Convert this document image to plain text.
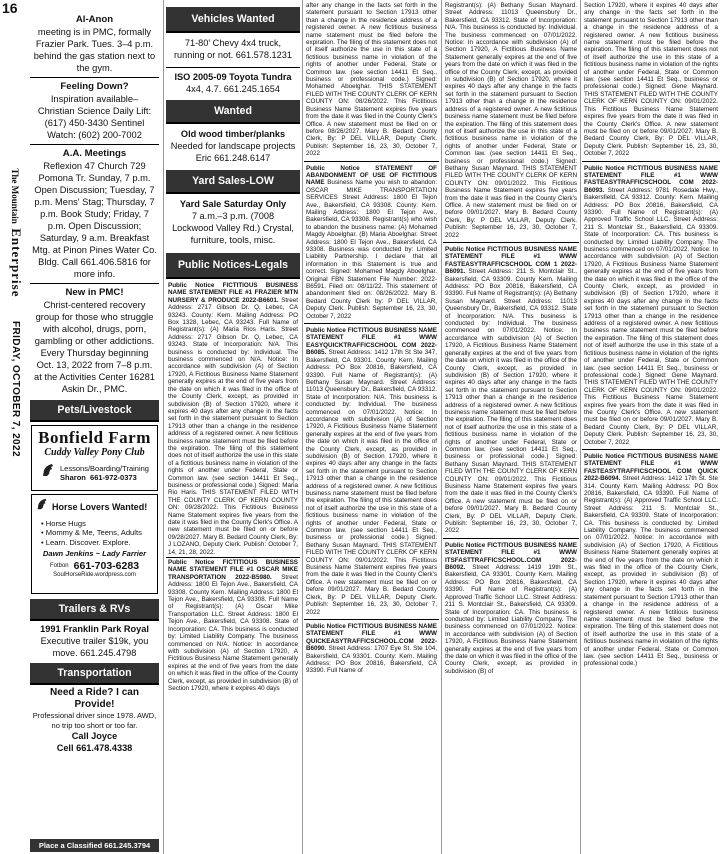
16
The Mountain Enterprise
FRIDAY, OCTOBER 7, 2022
Al-Anon
meeting is in PMC, formally Frazier Park. Tues. 3–4 p.m. behind the gas station next to the gym.
Feeling Down?
Inspiration available– Christian Science Daily Lift: (617) 450-3430 Sentinel Watch: (602) 200-7002
A.A. Meetings
Reflexion 47 Church 729 Pomona Tr. Sunday, 7 p.m. Open Discussion; Tuesday, 7 p.m. Mens' Stag; Thursday, 7 p.m. Book Study; Friday, 7 p.m. Open Discussion; Saturday, 9 a.m. Breakfast Mtg. at Pinon Pines Water Co. Bldg. Call 661.406.5816 for more info.
New in PMC!
Christ-centered recovery group for those who struggle with alcohol, drugs, porn, gambling or other addictions. Every Thursday beginning Oct. 13, 2022 from 7–8 p.m. at the Activities Center 16281 Askin Dr., PMC.
Pets/Livestock
Bonfield Farm
Cuddy Valley Pony Club
Lessons/Boarding/Training
Sharon 661-972-0373
Horse Lovers Wanted!
• Horse Hugs
• Mommy & Me, Teens, Adults
• Learn. Discover. Explore.
Dawn Jenkins ~ Lady Farrier
Fotbon 661-703-6283
SoulHorseRide.wordpress.com
Trailers & RVs
1991 Franklin Park Royal
Executive trailer $19k, you move. 661.245.4798
Transportation
Need a Ride? I can Provide!
Professional driver since 1978. AWD, no trip too short or too far.
Call Joyce
Cell 661.478.4338
Place a Classified 661.245.3794
Vehicles Wanted
71-80' Chevy 4x4 truck, running or not. 661.578.1231
ISO 2005-09 Toyota Tundra
4x4, 4.7. 661.245.1654
Wanted
Old wood timber/planks
Needed for landscape projects Eric 661.248.6147
Yard Sales-LOW
Yard Sale Saturday Only
7 a.m.–3 p.m. (7008 Lockwood Valley Rd.) Crystal, furniture, tools, misc.
Public Notices-Legals
Public Notice FICTITIOUS BUSINESS NAME STATEMENT FILE #1 FRAZIER MTN NURSERY & PRODUCE 2022-B6601. Street Address: 2717 Gibson Dr. Q, Lebec, CA 93243. County: Kern. Mailing Address: PO Box 1328, Lebec, CA 93243. Full Name of Registrant(s): (A) Maria Rios Haris. Street Address: 2717 Gibson Dr. Q, Lebec, CA 93243. State of Incorporation: N/A. This business is conducted by: Individual. The business commenced on N/A. Notice: In accordance with subdivision (A) of Section 17920, A Fictitious Business Name Statement generally expires at the end of five years from the date on which it was filed in the office of the County Clerk, except, as provided in subdivision (B) of Section 17920, where it expires 40 days after any change in the facts set forth in the statement pursuant to Section 17913 other than a change in the residence address of a registered owner. A new fictitious business name statement must be filed before the expiration. The filing of this statement does not of itself authorize the use in this state of a fictitious business name in violation of the rights of another under Federal, State or Common law. (see section 14411 Et Seq., business or professional code.) Signed: Maria Rio Haris. THIS STATEMENT FILED WITH THE COUNTY CLERK OF KERN COUNTY ON: 09/28/2022. This Fictitious Business Name Statement expires five years from the date it was filed in the County Clerk's Office. A new statement must be filed on or before 09/28/2027. Mary B. Bedard County Clerk, By: J LOZANO, Deputy Clerk. Publish: October 7, 14, 21, 28, 2022.
Public Notice FICTITIOUS BUSINESS NAME STATEMENT FILE #1 OSCAR MIKE TRANSPORTATION 2022-B5980. Street Address: 1800 El Tejon Ave., Bakersfield, CA 93308. County Kern. Mailing Address: 1800 El Tejon Ave., Bakersfield, CA 93308. Full Name of Registrant(s): (A) Oscar Mike Transportation LLC. Street Address: 1800 El Tejon Ave., Bakersfield, CA 93308. State of Incorporation: CA. This business is conducted by: Limited Liability Company. The business commenced on N/A. Notice: In accordance with subdivision (A) of Section 17920, A Fictitious Business Name Statement generally expires at the end of five years from the date on which it was filed in the office of the County Clerk, except, as provided in subdivision (B) of Section 17920, where it expires 40 days
after any change in the facts set forth in the statement pursuant to Section 17913 other than a change in the residence address of a registered owner. A new fictitious business name statement must be filed before the expiration. The filing of this statement does not of itself authorize the use in this state of a fictitious business name in violation of the rights of another under Federal, State or Common law. (see section 14411 Et Seq., business or professional code.) Signed: Mohamed Aboelghar. THIS STATEMENT FILED WITH THE COUNTY CLERK OF KERN COUNTY ON: 08/26/2022. This Fictitious Business Name Statement expires five years from the date it was filed in the County Clerk's Office. A new statement must be filed on or before 08/26/2027. Mary B. Bedard County Clerk, By: P DEL VILLAR, Deputy Clerk. Publish: September 16, 23, 30, October 7, 2022
Public Notice STATEMENT OF ABANDONMENT OF USE OF FICTITIOUS NAME Business Name you wish to abandon: OSCAR MIKE TRANSPORTATION SERVICES Street Address: 1800 El Tejon Ave., Bakersfield, CA 93308. County: Kern. Mailing Address: 1800 El Tejon Ave., Bakersfield, CA 93308. Registrant(s) who wish to abandon the business name: (A) Mohamed Magdy Aboelghar. (B) Maria Aboelghar. Street Address: 1800 El Tejon Ave., Bakersfield, CA 93308. Business was conducted by: Limited Liability Partnership. I declare that all information in this Statement is true and correct. Signed: Mohamed Magdy Aboelghar. Original FBN Statement File Number: 2022-B6591. Filed on: 08/11/22. This statement of abandonment filed on: 08/26/2022. Mary B. Bedard County Clerk by: P DEL VILLAR, Deputy Clerk. Publish: September 16, 23, 30, October 7, 2022
Public Notice FICTITIOUS BUSINESS NAME STATEMENT FILE #1 WWW EASYQUICKTRAFFICSCHOOL COM 2022-B6085. Street Address: 1412 17th St Ste 347, Bakersfield, CA 93301. County Kern. Mailing Address: PO Box 20816, Bakersfield, CA 93390. Full Name of Registrant(s): (A) Bethany Susan Maynard. Street Address: 11013 Queensbury Dr., Bakersfield, CA 93312. State of Incorporation: N/A. This business is conducted by: Individual. The business commenced on 07/01/2022. Notice: In accordance with subdivision (A) of Section 17920, A Fictitious Business Name Statement generally expires at the end of five years from the date on which it was filed in the office of the County Clerk, except, as provided in subdivision (B) of Section 17920, where it expires 40 days after any change in the facts set forth in the statement pursuant to Section 17913 other than a change in the residence address of a registered owner. A new fictitious business name statement must be filed before the expiration. The filing of this statement does not of itself authorize the use in this state of a fictitious business name in violation of the rights of another under Federal, State or Common law. (see section 14411 Et Seq., business or professional code.) Signed: Bethany Susan Maynard. THIS STATEMENT FILED WITH THE COUNTY CLERK OF KERN COUNTY ON: 09/01/2022. This Fictitious Business Name Statement expires five years from the date it was filed in the County Clerk's Office. A new statement must be filed on or before 09/01/2027. Mary B. Bedard County Clerk, By: P DEL VILLAR, Deputy Clerk. Publish: September 16, 23, 30, October 7, 2022
Public Notice FICTITIOUS BUSINESS NAME STATEMENT FILE #1 WWW QUICKEASYTRAFFICSCHOOL.COM 2022-B6090. Street Address: 1707 Eye St. Ste 104, Bakersfield, CA 93301. County: Kern. Mailing Address: PO Box 20816, Bakersfield, CA 93390. Full Name of
Registrant(s): (A) Bethany Susan Maynard. Street Address: 11013 Queensbury Dr., Bakersfield, CA 93312. State of Incorporation: N/A. This business is conducted by: Individual. The business commenced on 07/01/2022. Notice: In accordance with subdivision (A) of Section 17920, A Fictitious Business Name Statement generally expires at the end of five years from the date on which it was filed in the office of the County Clerk, except, as provided in subdivision (B) of Section 17920, where it expires 40 days after any change in the facts set forth in the statement pursuant to Section 17913 other than a change in the residence address of a registered owner. A new fictitious business name statement must be filed before the expiration. The filing of this statement does not of itself authorize the use in this state of a fictitious business name in violation of the rights of another under Federal, State or Common law. (see section 14411 Et Seq., business or professional code.) Signed: Bethany Susan Maynard. THIS STATEMENT FILED WITH THE COUNTY CLERK OF KERN COUNTY ON: 09/01/2022. This Fictitious Business Name Statement expires five years from the date it was filed in the County Clerk's Office. A new statement must be filed on or before 09/01/2027. Mary B. Bedard County Clerk, By: P DEL VILLAR, Deputy Clerk. Publish: September 16, 23, 30, October 7, 2022
Public Notice FICTITIOUS BUSINESS NAME STATEMENT FILE #1 WWW FASTEASYTRAFFICSCHOOL COM 1 2022-B6091. Street Address: 211 S. Montclair St., Bakersfield, CA 93309. County Kern. Mailing Address: PO Box 20816, Bakersfield, CA 93390. Full Name of Registrant(s): (A) Bethany Susan Maynard. Street Address: 11013 Queensbury Dr., Bakersfield, CA 93312. State of Incorporation: N/A. This business is conducted by: Individual. The business commenced on 07/01/2022. Notice: In accordance with subdivision (A) of Section 17920, A Fictitious Business Name Statement generally expires at the end of five years from the date on which it was filed in the office of the County Clerk, except, as provided in subdivision (B) of Section 17920, where it expires 40 days after any change in the facts set forth in the statement pursuant to Section 17913 other than a change in the residence address of a registered owner. A new fictitious business name statement must be filed before the expiration. The filing of this statement does not of itself authorize the use in this state of a fictitious business name in violation of the rights of another under Federal, State or Common law. (see section 14411 Et Seq., business or professional code.) Signed: Bethany Susan Maynard. THIS STATEMENT FILED WITH THE COUNTY CLERK OF KERN COUNTY ON: 09/01/2022. This Fictitious Business Name Statement expires five years from the date it was filed in the County Clerk's Office. A new statement must be filed on or before 09/01/2027. Mary B. Bedard County Clerk, By: P DEL VILLAR, Deputy Clerk. Publish: September 16, 23, 30, October 7, 2022
Public Notice FICTITIOUS BUSINESS NAME STATEMENT FILE #1 WWW ITSFASTTRAFFICSCHOOL.COM 2022-B6092. Street Address: 1419 19th St., Bakersfield, CA 93301. County Kern. Mailing Address: PO Box 20816, Bakersfield, CA 93390. Full Name of Registrant(s): (A) Approved Traffic School LLC. Street Address: 211 S. Montclair St., Bakersfield, CA 93309. State of Incorporation: CA. This business is conducted by: Limited Liability Company. The business commenced on 07/01/2022. Notice: In accordance with subdivision (A) of Section 17920, A Fictitious Business Name Statement generally expires at the end of five years from the date on which it was filed in the office of the County Clerk, except, as provided in subdivision (B) of
Section 17920, where it expires 40 days after any change in the facts set forth in the statement pursuant to Section 17913 other than a change in the residence address of a registered owner. A new fictitious business name statement must be filed before the expiration. The filing of this statement does not of itself authorize the use in this state of a fictitious business name in violation of the rights of another under Federal, State or Common law. (see section 14411 Et Seq., business or professional code.) Signed: Gene Maynard. THIS STATEMENT FILED WITH THE COUNTY CLERK OF KERN COUNTY ON: 09/01/2022. This Fictitious Business Name Statement expires five years from the date it was filed in the County Clerk's Office. A new statement must be filed on or before 09/01/2027. Mary B. Bedard County Clerk, By: P DEL VILLAR, Deputy Clerk. Publish: September 16, 23, 30, October 7, 2022
Public Notice FICTITIOUS BUSINESS NAME STATEMENT FILE #1 WWW FASTEASYTRAFFICSCHOOL COM 2022-B6093. Street Address: 9781 Rosedale Hwy., Bakersfield, CA 93312. County: Kern. Mailing Address: PO Box 20816, Bakersfield, CA 93390. Full Name of Registrant(s): (A) Approved Traffic School LLC. Street Address: 211 S. Montclair St., Bakersfield, CA 93309. State of Incorporation: CA. This business is conducted by: Limited Liability Company. The business commenced on 07/01/2022. Notice: In accordance with subdivision (A) of Section 17920, A Fictitious Business Name Statement generally expires at the end of five years from the date on which it was filed in the office of the County Clerk, except, as provided in subdivision (B) of Section 17920, where it expires 40 days after any change in the facts set forth in the statement pursuant to Section 17913 other than a change in the residence address of a registered owner. A new fictitious business name statement must be filed before the expiration. The filing of this statement does not of itself authorize the use in this state of a fictitious business name in violation of the rights of another under Federal, State or Common law. (see section 14411 Et Seq., business or professional code.) Signed: Gene Maynard. THIS STATEMENT FILED WITH THE COUNTY CLERK OF KERN COUNTY ON: 09/01/2022. This Fictitious Business Name Statement expires five years from the date it was filed in the County Clerk's Office. A new statement must be filed on or before 09/01/2027. Mary B. Bedard County Clerk, By: P DEL VILLAR, Deputy Clerk. Publish: September 16, 23, 30, October 7, 2022
Public Notice FICTITIOUS BUSINESS NAME STATEMENT FILE #1 WWW FASTEASYTRAFFICSCHOOL COM QUICK 2022-B6094. Street Address: 1412 17th St. Ste 314. County Kern. Mailing Address: PO Box 20816, Bakersfield, CA 93390. Full Name of Registrant(s): (A) Approved Traffic School LLC. Street Address: 211 S. Montclair St., Bakersfield, CA 93309. State of Incorporation: CA. This business is conducted by: Limited Liability Company. The business commenced on 07/01/2022. Notice: In accordance with subdivision (A) of Section 17920, A Fictitious Business Name Statement generally expires at the end of five years from the date on which it was filed in the office of the County Clerk, except, as provided in subdivision (B) of Section 17920, where it expires 40 days after any change in the facts set forth in the statement pursuant to Section 17913 other than a change in the residence address of a registered owner. A new fictitious business name statement must be filed before the expiration. The filing of this statement does not of itself authorize the use in this state of a fictitious business name in violation of the rights of another under Federal, State or Common law. (see section 14411 Et Seq., business or professional code.)
